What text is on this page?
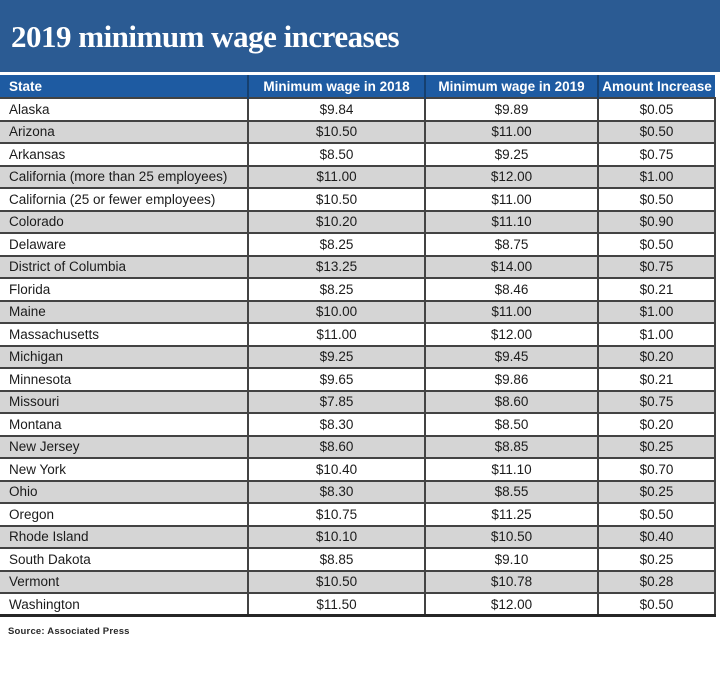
2019 minimum wage increases
State	Minimum wage in 2018	Minimum wage in 2019	Amount Increase
Alaska	$9.84	$9.89	$0.05
Arizona	$10.50	$11.00	$0.50
Arkansas	$8.50	$9.25	$0.75
California (more than 25 employees)	$11.00	$12.00	$1.00
California (25 or fewer employees)	$10.50	$11.00	$0.50
Colorado	$10.20	$11.10	$0.90
Delaware	$8.25	$8.75	$0.50
District of Columbia	$13.25	$14.00	$0.75
Florida	$8.25	$8.46	$0.21
Maine	$10.00	$11.00	$1.00
Massachusetts	$11.00	$12.00	$1.00
Michigan	$9.25	$9.45	$0.20
Minnesota	$9.65	$9.86	$0.21
Missouri	$7.85	$8.60	$0.75
Montana	$8.30	$8.50	$0.20
New Jersey	$8.60	$8.85	$0.25
New York	$10.40	$11.10	$0.70
Ohio	$8.30	$8.55	$0.25
Oregon	$10.75	$11.25	$0.50
Rhode Island	$10.10	$10.50	$0.40
South Dakota	$8.85	$9.10	$0.25
Vermont	$10.50	$10.78	$0.28
Washington	$11.50	$12.00	$0.50

Source: Associated Press
